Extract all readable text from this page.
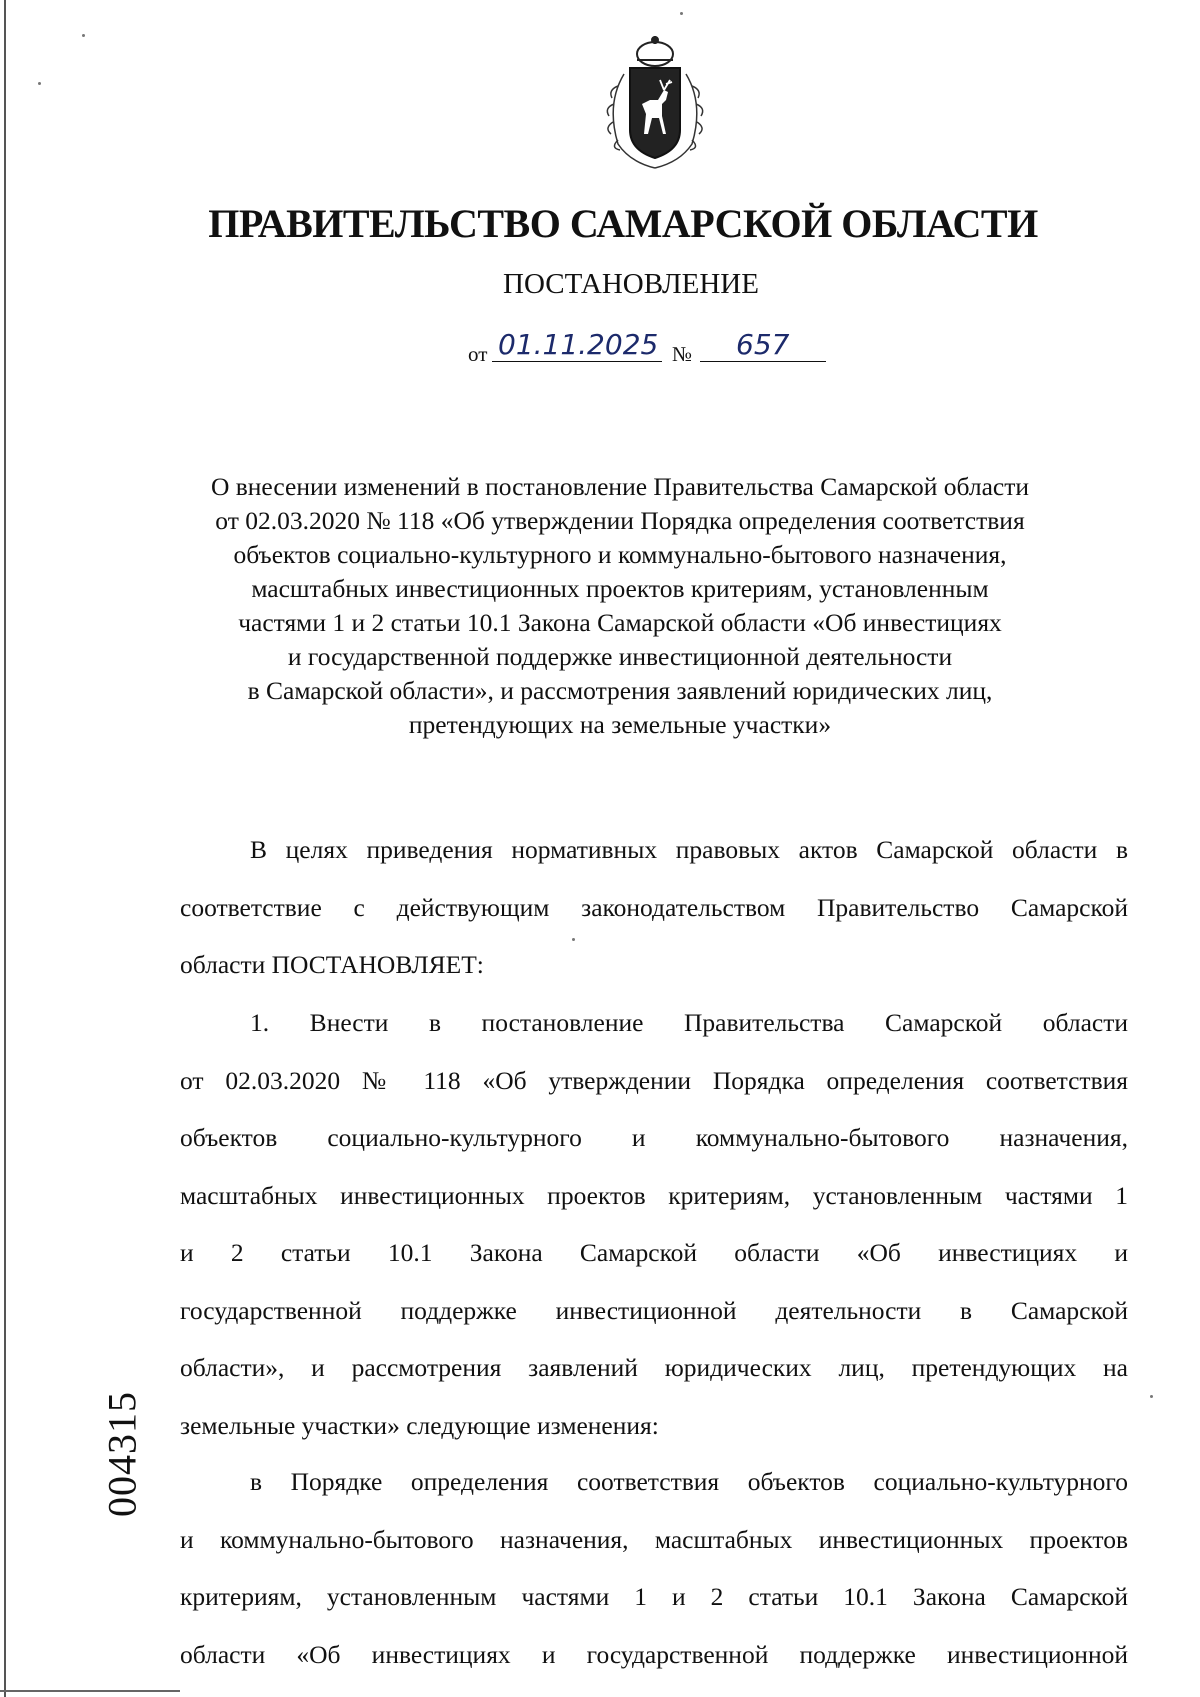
ПРАВИТЕЛЬСТВО САМАРСКОЙ ОБЛАСТИ
ПОСТАНОВЛЕНИЕ
от 01.11.2025 № 657
О внесении изменений в постановление Правительства Самарской области
от 02.03.2020 № 118 «Об утверждении Порядка определения соответствия
объектов социально-культурного и коммунально-бытового назначения,
масштабных инвестиционных проектов критериям, установленным
частями 1 и 2 статьи 10.1 Закона Самарской области «Об инвестициях
и государственной поддержке инвестиционной деятельности
в Самарской области», и рассмотрения заявлений юридических лиц,
претендующих на земельные участки»
В целях приведения нормативных правовых актов Самарской области в
соответствие с действующим законодательством Правительство Самарской
области ПОСТАНОВЛЯЕТ:
1. Внести в постановление Правительства Самарской области
от 02.03.2020 № 118 «Об утверждении Порядка определения соответствия
объектов социально-культурного и коммунально-бытового назначения,
масштабных инвестиционных проектов критериям, установленным частями 1
и 2 статьи 10.1 Закона Самарской области «Об инвестициях и
государственной поддержке инвестиционной деятельности в Самарской
области», и рассмотрения заявлений юридических лиц, претендующих на
земельные участки» следующие изменения:
в Порядке определения соответствия объектов социально-культурного
и коммунально-бытового назначения, масштабных инвестиционных проектов
критериям, установленным частями 1 и 2 статьи 10.1 Закона Самарской
области «Об инвестициях и государственной поддержке инвестиционной
004315
